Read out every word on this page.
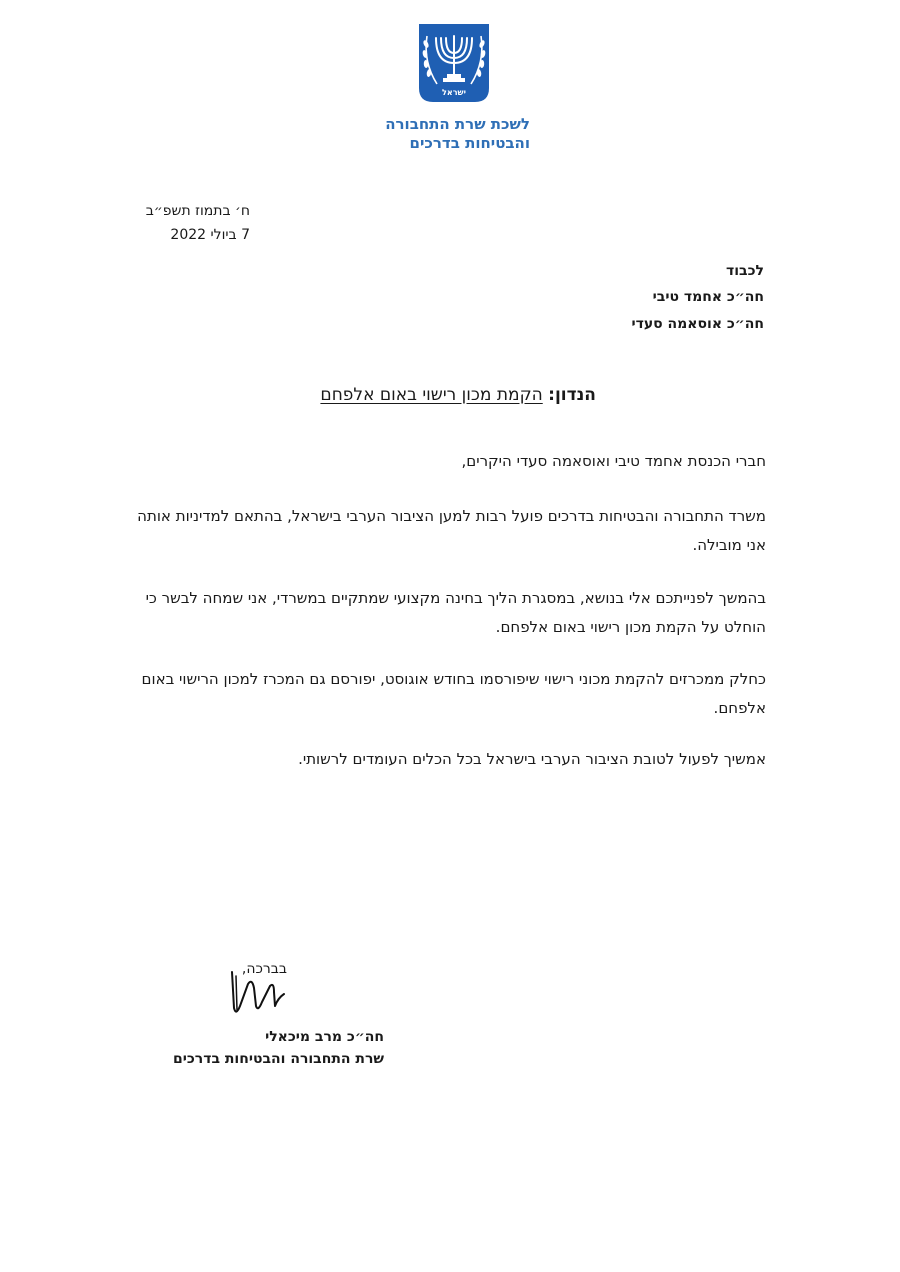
ישראל
לשכת שרת התחבורה
והבטיחות בדרכים
ח׳ בתמוז תשפ״ב
7 ביולי 2022
לכבוד
חה״כ אחמד טיבי
חה״כ אוסאמה סעדי
הנדון: הקמת מכון רישוי באום אלפחם
חברי הכנסת אחמד טיבי ואוסאמה סעדי היקרים,
משרד התחבורה והבטיחות בדרכים פועל רבות למען הציבור הערבי בישראל, בהתאם למדיניות אותה אני מובילה.
בהמשך לפנייתכם אלי בנושא, במסגרת הליך בחינה מקצועי שמתקיים במשרדי, אני שמחה לבשר כי הוחלט על הקמת מכון רישוי באום אלפחם.
כחלק ממכרזים להקמת מכוני רישוי שיפורסמו בחודש אוגוסט, יפורסם גם המכרז למכון הרישוי באום אלפחם.
אמשיך לפעול לטובת הציבור הערבי בישראל בכל הכלים העומדים לרשותי.
בברכה,
חה״כ מרב מיכאלי
שרת התחבורה והבטיחות בדרכים
